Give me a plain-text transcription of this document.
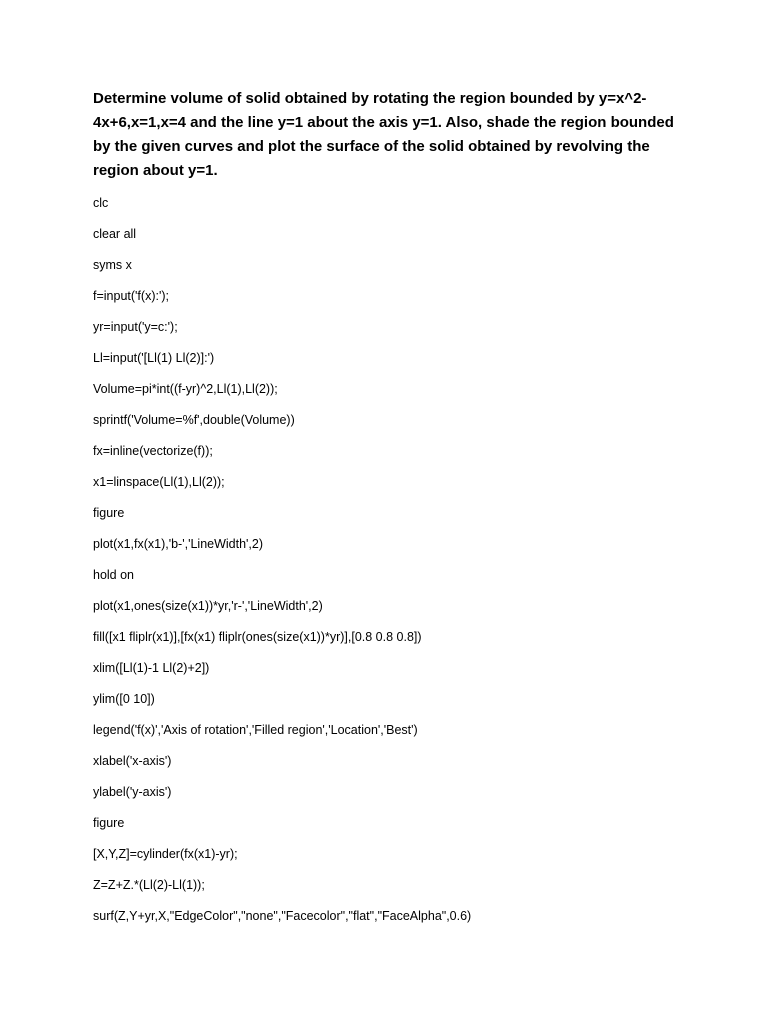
Determine volume of solid obtained by rotating the region bounded by y=x^2-4x+6,x=1,x=4 and the line y=1 about the axis y=1. Also, shade the region bounded by the given curves and plot the surface of the solid obtained by revolving the region about y=1.

clc
clear all
syms x
f=input('f(x):');
yr=input('y=c:');
Ll=input('[Ll(1) Ll(2)]:')
Volume=pi*int((f-yr)^2,Ll(1),Ll(2));
sprintf('Volume=%f',double(Volume))
fx=inline(vectorize(f));
x1=linspace(Ll(1),Ll(2));
figure
plot(x1,fx(x1),'b-','LineWidth',2)
hold on
plot(x1,ones(size(x1))*yr,'r-','LineWidth',2)
fill([x1 fliplr(x1)],[fx(x1) fliplr(ones(size(x1))*yr)],[0.8 0.8 0.8])
xlim([Ll(1)-1 Ll(2)+2])
ylim([0 10])
legend('f(x)','Axis of rotation','Filled region','Location','Best')
xlabel('x-axis')
ylabel('y-axis')
figure
[X,Y,Z]=cylinder(fx(x1)-yr);
Z=Z+Z.*(Ll(2)-Ll(1));
surf(Z,Y+yr,X,"EdgeColor","none","Facecolor","flat","FaceAlpha",0.6)
